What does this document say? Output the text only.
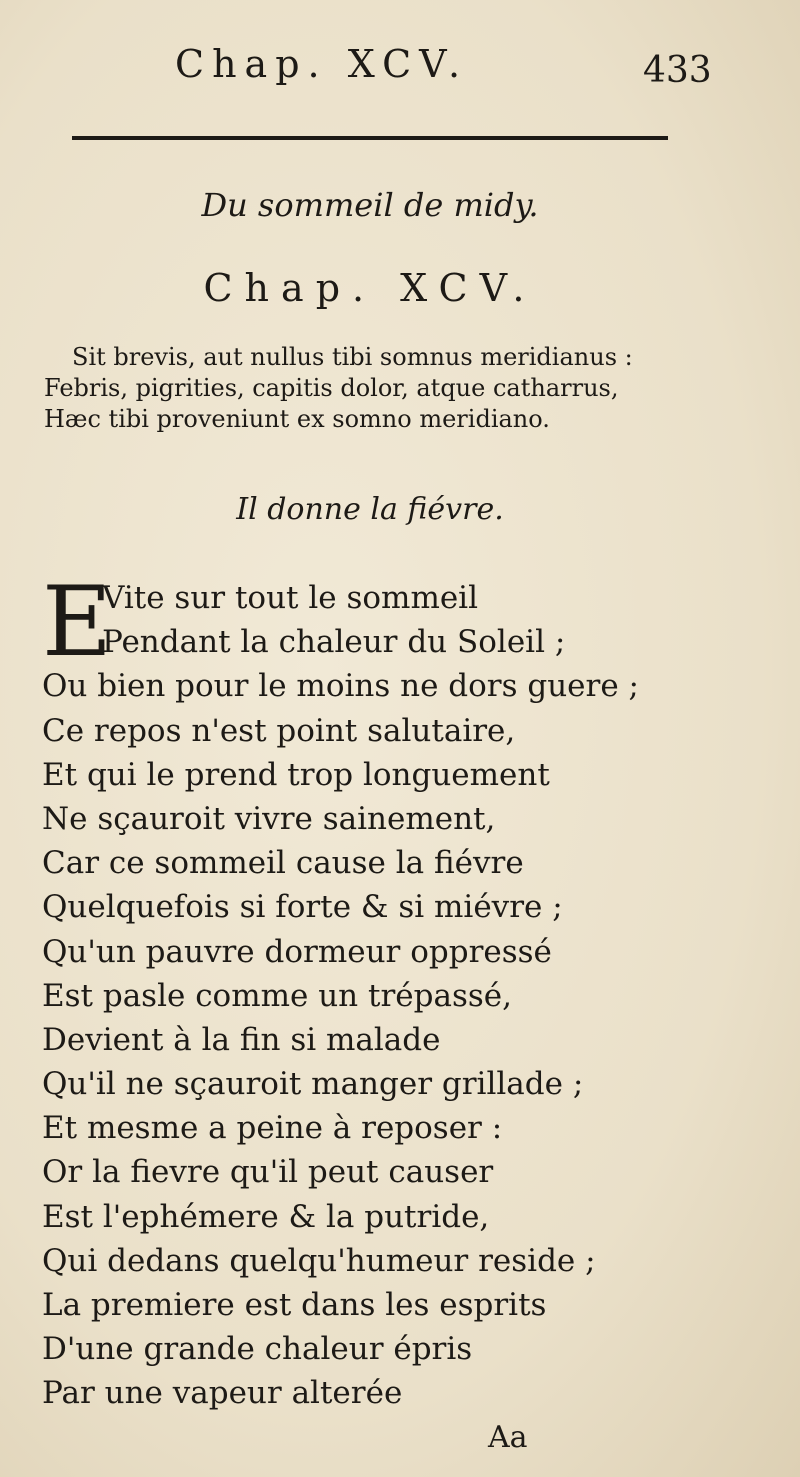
Chap. XCV.	433
Du sommeil de midy.
Chap. XCV.
Sit brevis, aut nullus tibi somnus meridianus :
Febris, pigrities, capitis dolor, atque catharrus,
Hæc tibi proveniunt ex somno meridiano.
Il donne la fiévre.
E
Vite sur tout le sommeil
Pendant la chaleur du Soleil ;
Ou bien pour le moins ne dors guere ;
Ce repos n'est point salutaire,
Et qui le prend trop longuement
Ne sçauroit vivre sainement,
Car ce sommeil cause la fiévre
Quelquefois si forte & si miévre ;
Qu'un pauvre dormeur oppressé
Est pasle comme un trépassé,
Devient à la fin si malade
Qu'il ne sçauroit manger grillade ;
Et mesme a peine à reposer :
Or la fievre qu'il peut causer
Est l'ephémere & la putride,
Qui dedans quelqu'humeur reside ;
La premiere est dans les esprits
D'une grande chaleur épris
Par une vapeur alterée
Aa
